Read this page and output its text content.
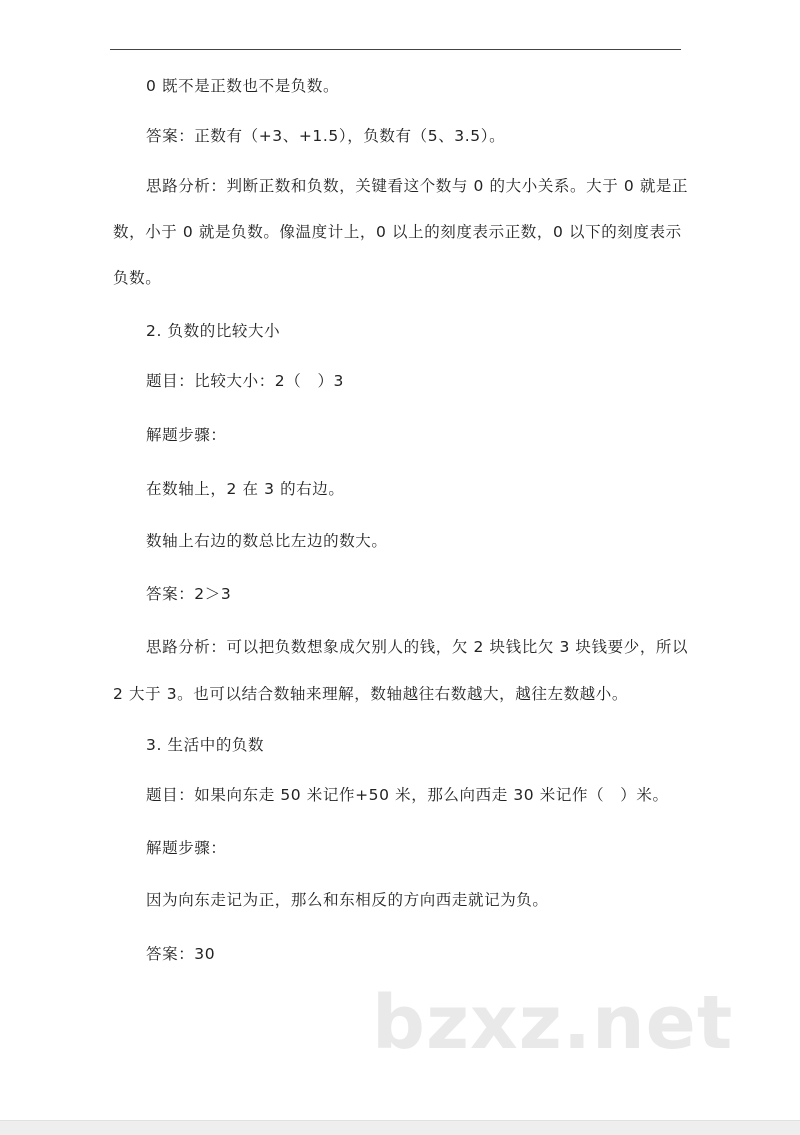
0 既不是正数也不是负数。
答案：正数有（+3、+1.5），负数有（5、3.5）。
思路分析：判断正数和负数，关键看这个数与 0 的大小关系。大于 0 就是正
数，小于 0 就是负数。像温度计上，0 以上的刻度表示正数，0 以下的刻度表示
负数。
2. 负数的比较大小
题目：比较大小：2（　）3
解题步骤：
在数轴上，2 在 3 的右边。
数轴上右边的数总比左边的数大。
答案：2＞3
思路分析：可以把负数想象成欠别人的钱，欠 2 块钱比欠 3 块钱要少，所以
2 大于 3。也可以结合数轴来理解，数轴越往右数越大，越往左数越小。
3. 生活中的负数
题目：如果向东走 50 米记作+50 米，那么向西走 30 米记作（　）米。
解题步骤：
因为向东走记为正，那么和东相反的方向西走就记为负。
答案：30
bzxz.net
